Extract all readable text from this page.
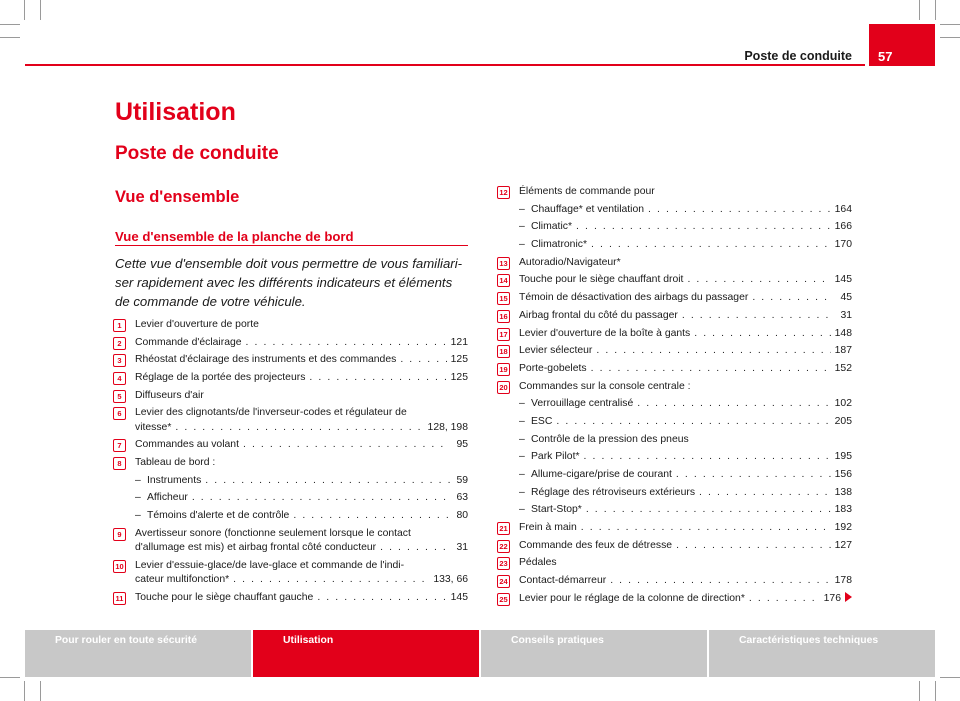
Poste de conduite	57
Utilisation
Poste de conduite
Vue d'ensemble
Vue d'ensemble de la planche de bord
Cette vue d'ensemble doit vous permettre de vous familiariser rapidement avec les différents indicateurs et éléments de commande de votre véhicule.
1	Levier d'ouverture de porte
2	Commande d'éclairage . . .	121
3	Rhéostat d'éclairage des instruments et des commandes . . .	125
4	Réglage de la portée des projecteurs . . .	125
5	Diffuseurs d'air
6	Levier des clignotants/de l'inverseur-codes et régulateur de
vitesse* . . .	128, 198
7	Commandes au volant . . .	95
8	Tableau de bord :
– Instruments . . .	59
– Afficheur . . .	63
– Témoins d'alerte et de contrôle . . .	80
9	Avertisseur sonore (fonctionne seulement lorsque le contact
d'allumage est mis) et airbag frontal côté conducteur . . .	31
10 Levier d'essuie-glace/de lave-glace et commande de l'indi-
cateur multifonction* . . .	133, 66
11 Touche pour le siège chauffant gauche . . .	145
12 Éléments de commande pour
– Chauffage* et ventilation . . .	164
– Climatic* . . .	166
– Climatronic* . . .	170
13 Autoradio/Navigateur*
14 Touche pour le siège chauffant droit . . .	145
15 Témoin de désactivation des airbags du passager . . .	45
16 Airbag frontal du côté du passager . . .	31
17 Levier d'ouverture de la boîte à gants . . .	148
18 Levier sélecteur . . .	187
19 Porte-gobelets . . .	152
20 Commandes sur la console centrale :
– Verrouillage centralisé . . .	102
– ESC . . .	205
– Contrôle de la pression des pneus
– Park Pilot* . . .	195
– Allume-cigare/prise de courant . . .	156
– Réglage des rétroviseurs extérieurs . . .	138
– Start-Stop* . . .	183
21 Frein à main . . .	192
22 Commande des feux de détresse . . .	127
23 Pédales
24 Contact-démarreur . . .	178
25 Levier pour le réglage de la colonne de direction* . . .	176
Pour rouler en toute sécurité	Utilisation	Conseils pratiques	Caractéristiques techniques
